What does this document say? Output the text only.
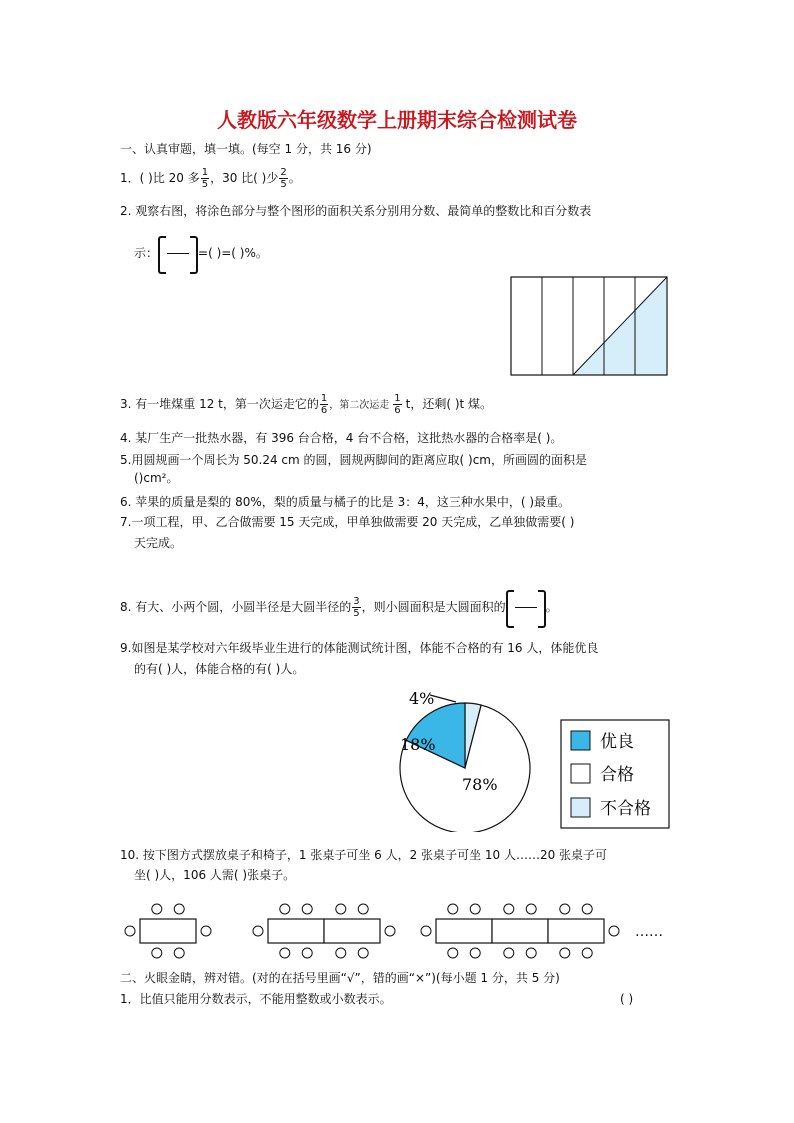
人教版六年级数学上册期末综合检测试卷
一、认真审题，填一填。(每空 1 分，共 16 分)
1．( )比 20 多 $\frac{1}{5}$ ，30 比( )少 $\frac{2}{5}$ 。
2. 观察右图，将涂色部分与整个图形的面积关系分别用分数、最简单的整数比和百分数表
示：	=( )=( )%。
3. 有一堆煤重 12 t，第一次运走它的 $\frac{1}{6}$ ，第二次运走 $\frac{1}{6}$ t，还剩( )t 煤。
4. 某厂生产一批热水器，有 396 台合格，4 台不合格，这批热水器的合格率是( )。
5.用圆规画一个周长为 50.24 cm 的圆，圆规两脚间的距离应取( )cm，所画圆的面积是
()cm²。
6. 苹果的质量是梨的 80%，梨的质量与橘子的比是 3：4，这三种水果中，( )最重。
7.一项工程，甲、乙合做需要 15 天完成，甲单独做需要 20 天完成，乙单独做需要( )
天完成。
8. 有大、小两个圆，小圆半径是大圆半径的 $\frac{3}{5}$ ，则小圆面积是大圆面积的	。
9.如图是某学校对六年级毕业生进行的体能测试统计图，体能不合格的有 16 人，体能优良
的有( )人，体能合格的有( )人。
4%
18%
78%
优良
合格
不合格
10. 按下图方式摆放桌子和椅子，1 张桌子可坐 6 人，2 张桌子可坐 10 人……20 张桌子可
坐( )人，106 人需( )张桌子。
……
二、火眼金睛，辨对错。(对的在括号里画“√”，错的画“×”)(每小题 1 分，共 5 分)
1．比值只能用分数表示，不能用整数或小数表示。	( )
